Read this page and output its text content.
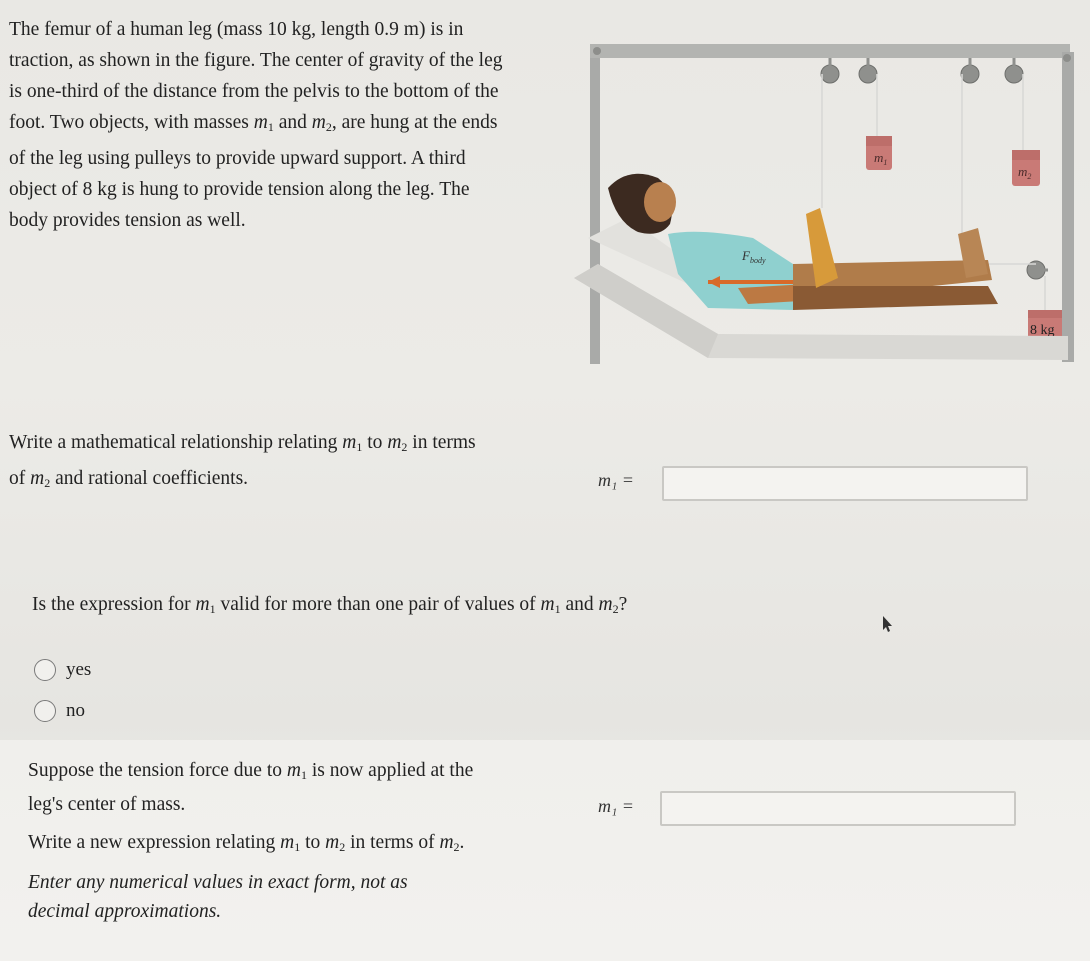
The femur of a human leg (mass 10 kg, length 0.9 m) is in

traction, as shown in the figure. The center of gravity of the leg

is one-third of the distance from the pelvis to the bottom of the

foot. Two objects, with masses $m_1$ and $m_2$, are hung at the ends

of the leg using pulleys to provide upward support. A third

object of 8 kg is hung to provide tension along the leg. The

body provides tension as well.

$m_1$
$m_2$
8 kg
$F_{body}$
Write a mathematical relationship relating $m_1$ to $m_2$ in terms
of $m_2$ and rational coefficients.	m₁ =
Is the expression for $m_1$ valid for more than one pair of values of $m_1$ and $m_2$?
yes
no
Suppose the tension force due to $m_1$ is now applied at the
leg's center of mass.
Write a new expression relating $m_1$ to $m_2$ in terms of $m_2$.
Enter any numerical values in exact form, not as
decimal approximations.
m₁ =
